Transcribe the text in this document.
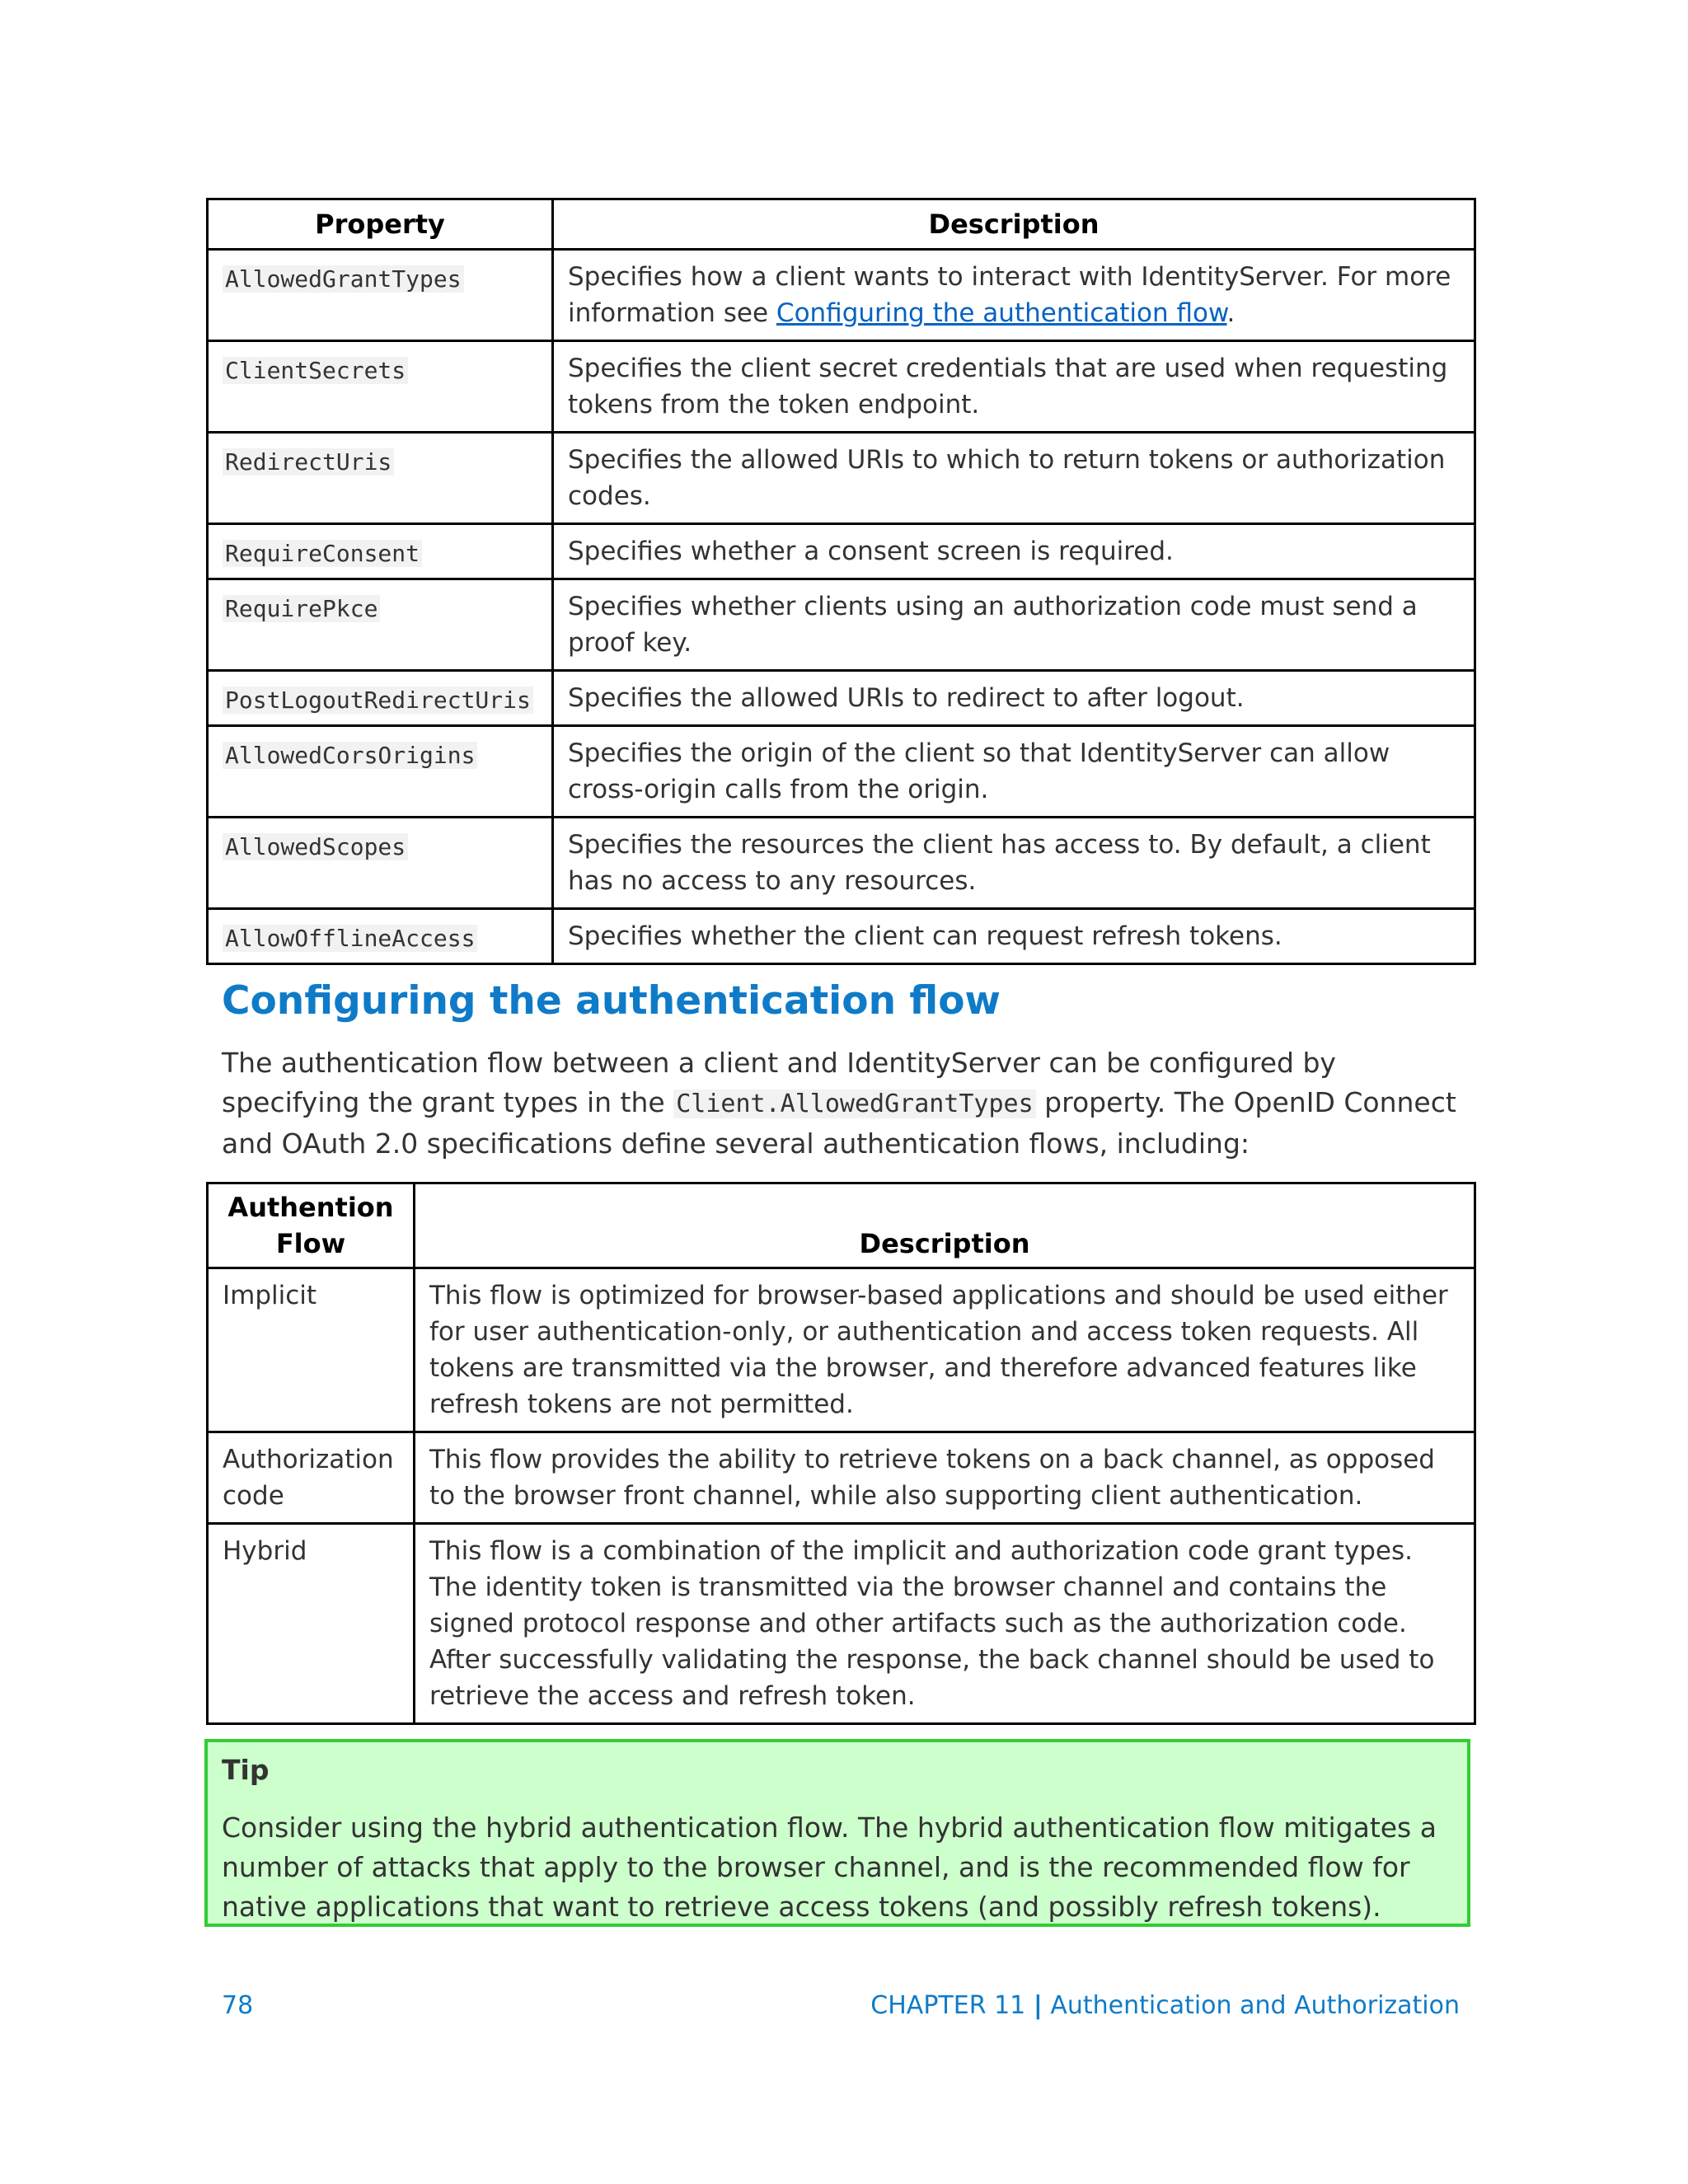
Property	Description
AllowedGrantTypes	Specifies how a client wants to interact with IdentityServer. For more information see Configuring the authentication flow.
ClientSecrets	Specifies the client secret credentials that are used when requesting tokens from the token endpoint.
RedirectUris	Specifies the allowed URIs to which to return tokens or authorization codes.
RequireConsent	Specifies whether a consent screen is required.
RequirePkce	Specifies whether clients using an authorization code must send a proof key.
PostLogoutRedirectUris	Specifies the allowed URIs to redirect to after logout.
AllowedCorsOrigins	Specifies the origin of the client so that IdentityServer can allow cross-origin calls from the origin.
AllowedScopes	Specifies the resources the client has access to. By default, a client has no access to any resources.
AllowOfflineAccess	Specifies whether the client can request refresh tokens.
Configuring the authentication flow

The authentication flow between a client and IdentityServer can be configured by specifying the grant types in the Client.AllowedGrantTypes property. The OpenID Connect and OAuth 2.0 specifications define several authentication flows, including:

Authention Flow	Description
Implicit	This flow is optimized for browser-based applications and should be used either for user authentication-only, or authentication and access token requests. All tokens are transmitted via the browser, and therefore advanced features like refresh tokens are not permitted.
Authorization code	This flow provides the ability to retrieve tokens on a back channel, as opposed to the browser front channel, while also supporting client authentication.
Hybrid	This flow is a combination of the implicit and authorization code grant types. The identity token is transmitted via the browser channel and contains the signed protocol response and other artifacts such as the authorization code. After successfully validating the response, the back channel should be used to retrieve the access and refresh token.
Tip

Consider using the hybrid authentication flow. The hybrid authentication flow mitigates a number of attacks that apply to the browser channel, and is the recommended flow for native applications that want to retrieve access tokens (and possibly refresh tokens).

78	CHAPTER 11 | Authentication and Authorization
